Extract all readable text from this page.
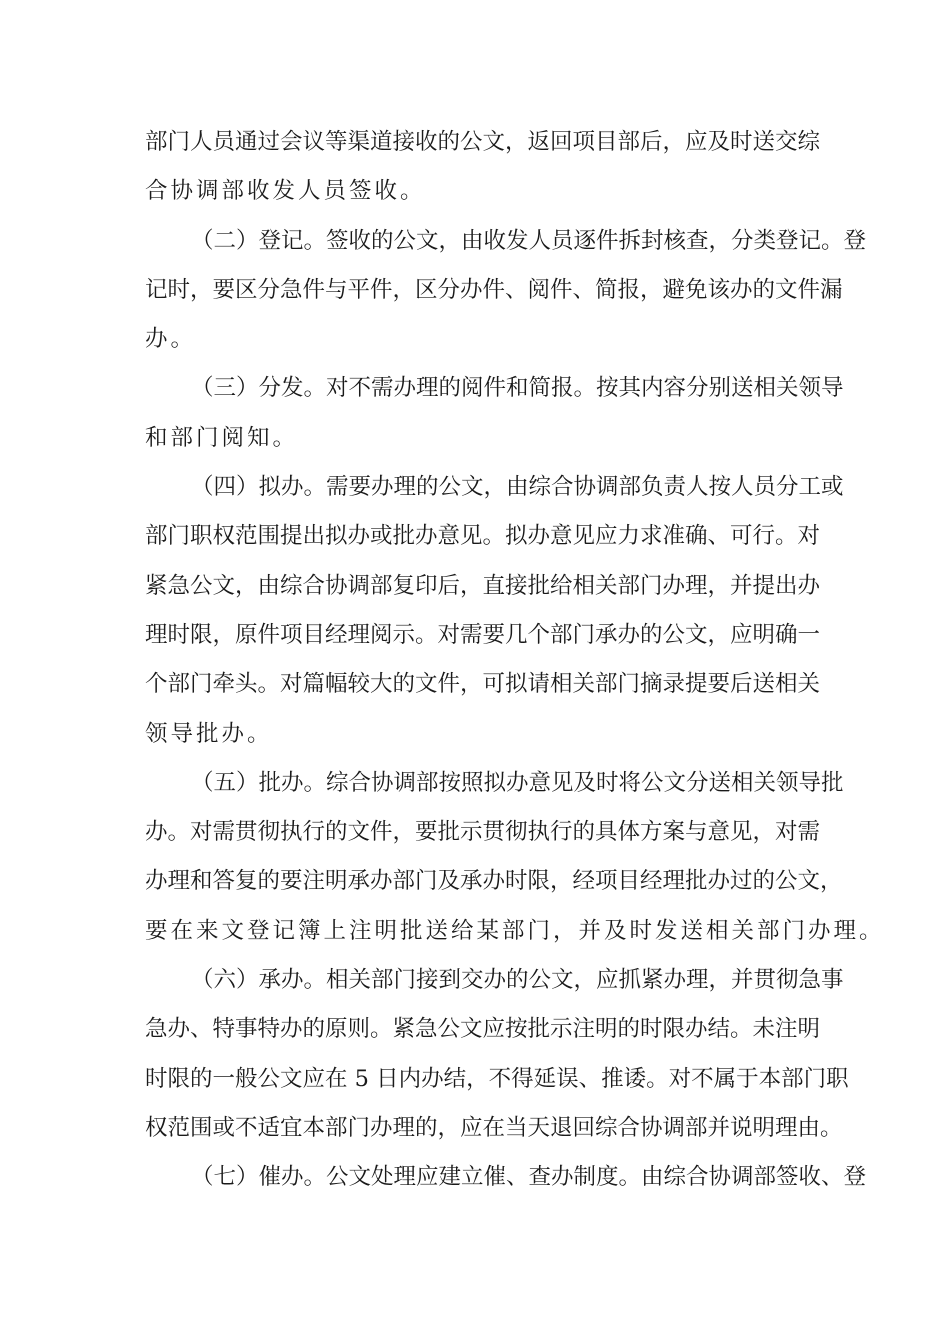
部门人员通过会议等渠道接收的公文，返回项目部后，应及时送交综
合协调部收发人员签收。
（二）登记。签收的公文，由收发人员逐件拆封核查，分类登记。登
记时，要区分急件与平件，区分办件、阅件、简报，避免该办的文件漏
办。
（三）分发。对不需办理的阅件和简报。按其内容分别送相关领导
和部门阅知。
（四）拟办。需要办理的公文，由综合协调部负责人按人员分工或
部门职权范围提出拟办或批办意见。拟办意见应力求准确、可行。对
紧急公文，由综合协调部复印后，直接批给相关部门办理，并提出办
理时限，原件项目经理阅示。对需要几个部门承办的公文，应明确一
个部门牵头。对篇幅较大的文件，可拟请相关部门摘录提要后送相关
领导批办。
（五）批办。综合协调部按照拟办意见及时将公文分送相关领导批
办。对需贯彻执行的文件，要批示贯彻执行的具体方案与意见，对需
办理和答复的要注明承办部门及承办时限，经项目经理批办过的公文，
要在来文登记簿上注明批送给某部门，并及时发送相关部门办理。
（六）承办。相关部门接到交办的公文，应抓紧办理，并贯彻急事
急办、特事特办的原则。紧急公文应按批示注明的时限办结。未注明
时限的一般公文应在 5 日内办结，不得延误、推诿。对不属于本部门职
权范围或不适宜本部门办理的，应在当天退回综合协调部并说明理由。
（七）催办。公文处理应建立催、查办制度。由综合协调部签收、登
